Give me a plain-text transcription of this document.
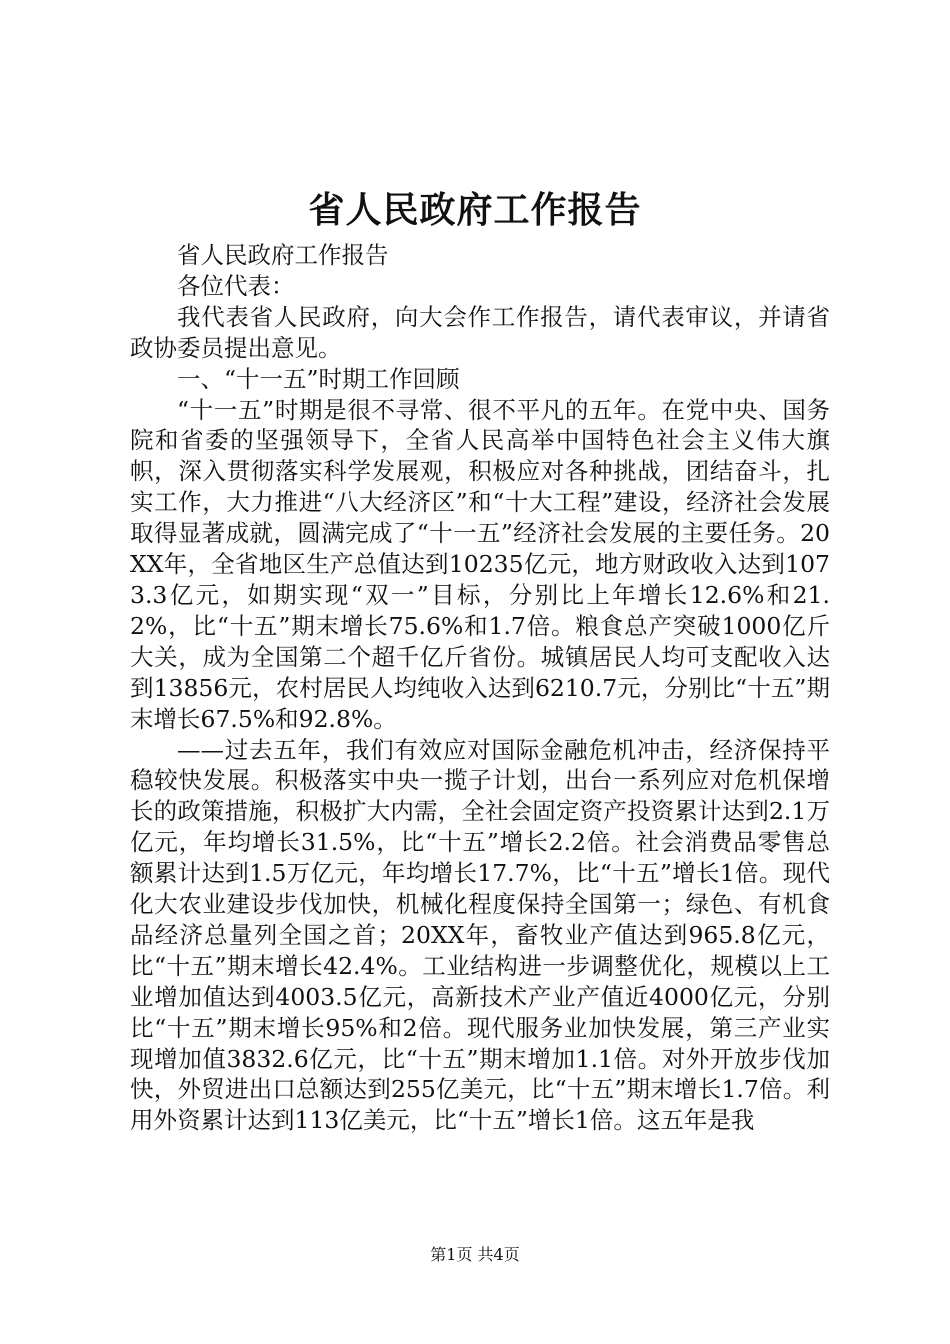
省人民政府工作报告

省人民政府工作报告

各位代表：

我代表省人民政府，向大会作工作报告，请代表审议，并请省政协委员提出意见。

一、“十一五”时期工作回顾

“十一五”时期是很不寻常、很不平凡的五年。在党中央、国务院和省委的坚强领导下，全省人民高举中国特色社会主义伟大旗帜，深入贯彻落实科学发展观，积极应对各种挑战，团结奋斗，扎实工作，大力推进“八大经济区”和“十大工程”建设，经济社会发展取得显著成就，圆满完成了“十一五”经济社会发展的主要任务。20XX年，全省地区生产总值达到10235亿元，地方财政收入达到1073.3亿元，如期实现“双一”目标，分别比上年增长12.6%和21.2%，比“十五”期末增长75.6%和1.7倍。粮食总产突破1000亿斤大关，成为全国第二个超千亿斤省份。城镇居民人均可支配收入达到13856元，农村居民人均纯收入达到6210.7元，分别比“十五”期末增长67.5%和92.8%。

——过去五年，我们有效应对国际金融危机冲击，经济保持平稳较快发展。积极落实中央一揽子计划，出台一系列应对危机保增长的政策措施，积极扩大内需，全社会固定资产投资累计达到2.1万亿元，年均增长31.5%，比“十五”增长2.2倍。社会消费品零售总额累计达到1.5万亿元，年均增长17.7%，比“十五”增长1倍。现代化大农业建设步伐加快，机械化程度保持全国第一；绿色、有机食品经济总量列全国之首；20XX年，畜牧业产值达到965.8亿元，比“十五”期末增长42.4%。工业结构进一步调整优化，规模以上工业增加值达到4003.5亿元，高新技术产业产值近4000亿元，分别比“十五”期末增长95%和2倍。现代服务业加快发展，第三产业实现增加值3832.6亿元，比“十五”期末增加1.1倍。对外开放步伐加快，外贸进出口总额达到255亿美元，比“十五”期末增长1.7倍。利用外资累计达到113亿美元，比“十五”增长1倍。这五年是我

第1页 共4页
